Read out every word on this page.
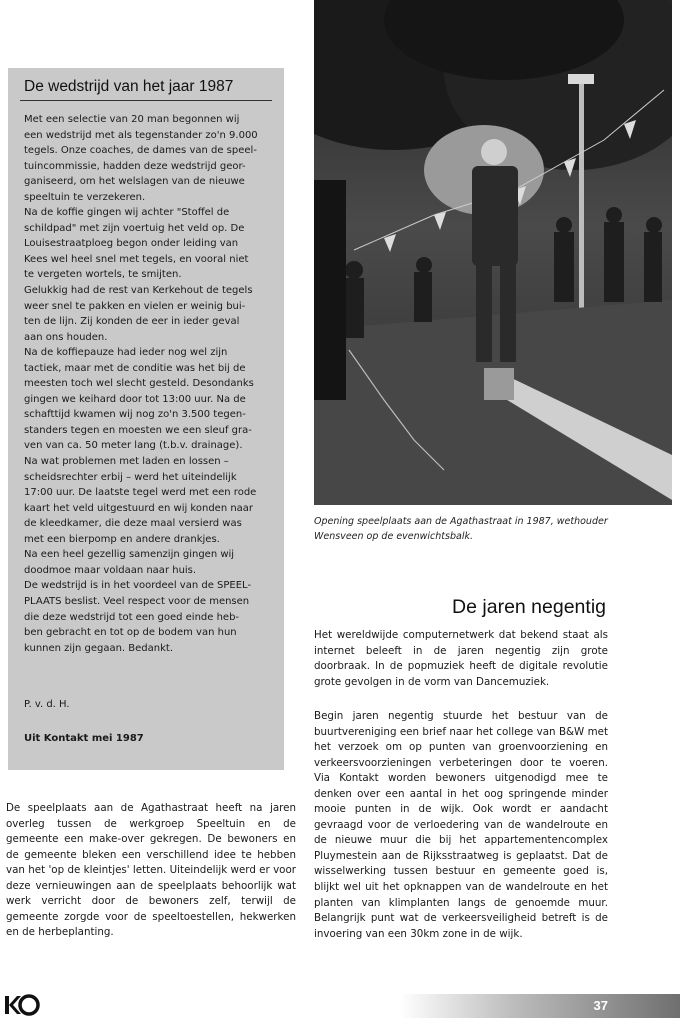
De wedstrijd van het jaar 1987

Met een selectie van 20 man begonnen wij

een wedstrijd met als tegenstander zo'n 9.000

tegels. Onze coaches, de dames van de speel-

tuincommissie, hadden deze wedstrijd geor-

ganiseerd, om het welslagen van de nieuwe

speeltuin te verzekeren.

Na de koffie gingen wij achter "Stoffel de

schildpad" met zijn voertuig het veld op. De

Louisestraatploeg begon onder leiding van

Kees wel heel snel met tegels, en vooral niet

te vergeten wortels, te smijten.

Gelukkig had de rest van Kerkehout de tegels

weer snel te pakken en vielen er weinig bui-

ten de lijn. Zij konden de eer in ieder geval

aan ons houden.

Na de koffiepauze had ieder nog wel zijn

tactiek, maar met de conditie was het bij de

meesten toch wel slecht gesteld. Desondanks

gingen we keihard door tot 13:00 uur. Na de

schafttijd kwamen wij nog zo'n 3.500 tegen-

standers tegen en moesten we een sleuf gra-

ven van ca. 50 meter lang (t.b.v. drainage).

Na wat problemen met laden en lossen –

scheidsrechter erbij – werd het uiteindelijk

17:00 uur. De laatste tegel werd met een rode

kaart het veld uitgestuurd en wij konden naar

de kleedkamer, die deze maal versierd was

met een bierpomp en andere drankjes.

Na een heel gezellig samenzijn gingen wij

doodmoe maar voldaan naar huis.

De wedstrijd is in het voordeel van de SPEEL-

PLAATS beslist. Veel respect voor de mensen

die deze wedstrijd tot een goed einde heb-

ben gebracht en tot op de bodem van hun

kunnen zijn gegaan. Bedankt.

P. v. d. H.
Uit Kontakt mei 1987
Opening speelplaats aan de Agathastraat in 1987, wethouder
Wensveen op de evenwichtsbalk.
De jaren negentig

Het wereldwijde computernetwerk dat bekend staat als internet beleeft in de jaren negentig zijn grote doorbraak. In de popmuziek heeft de digitale revolutie grote gevolgen in de vorm van Dancemuziek.

Begin jaren negentig stuurde het bestuur van de buurtvereniging een brief naar het college van B&W met het verzoek om op punten van groenvoorziening en verkeersvoorzieningen verbeteringen door te voeren. Via Kontakt worden bewoners uitgenodigd mee te denken over een aantal in het oog springende minder mooie punten in de wijk. Ook wordt er aandacht gevraagd voor de verloedering van de wandelroute en de nieuwe muur die bij het appartementencomplex Pluymestein aan de Rijksstraatweg is geplaatst. Dat de wisselwerking tussen bestuur en gemeente goed is, blijkt wel uit het opknappen van de wandelroute en het planten van klimplanten langs de genoemde muur. Belangrijk punt wat de verkeersveiligheid betreft is de invoering van een 30km zone in de wijk.

De speelplaats aan de Agathastraat heeft na jaren overleg tussen de werkgroep Speeltuin en de gemeente een make-over gekregen. De bewoners en de gemeente bleken een verschillend idee te hebben van het 'op de kleintjes' letten. Uiteindelijk werd er voor deze vernieuwingen aan de speelplaats behoorlijk wat werk verricht door de bewoners zelf, terwijl de gemeente zorgde voor de speeltoestellen, hekwerken en de herbeplanting.

37
